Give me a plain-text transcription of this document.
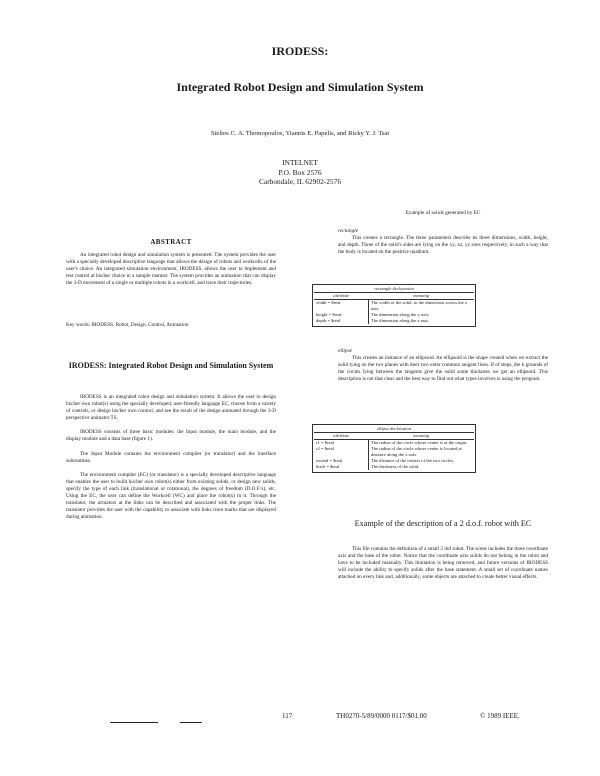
IRODESS:
Integrated Robot Design and Simulation System
Stelios C. A. Thomopoulos, Yiannis E. Papelis, and Ricky Y. J. Tsai
INTELNET
P.O. Box 2576
Carbondale, IL 62902-2576
ABSTRACT

An integrated robot design and simulation system is presented. The system provides the user with a specially developed descriptive language that allows the design of robots and workcells of the user's choice. An integrated simulation environment, IRODESS, allows the user to implement and test control at his/her choice in a sample manner. The system provides an animation that can display the 3-D movement of a single or multiple robots in a workcell, and trace their trajectories.

Key words: IRODESS, Robot, Design, Control, Animation
IRODESS: Integrated Robot Design and Simulation System

IRODESS is an integrated robot design and simulation system. It allows the user to design his/her own robot(s) using the specially developed, user-friendly language EC, choose from a variety of controls, or design his/her own control, and see the result of the design animated through the 3-D perspective animator TS.

IRODESS consists of three basic modules: the Input module, the main module, and the display module and a data base (figure 1).

The Input Module contains the environment compiler (or translator) and the interface subroutines.

The environment compiler (EC) (or translator) is a specially developed descriptive language that enables the user to build his/her own robot(s) either from existing solids, or design new solids, specify the type of each link (translational or rotational), the degrees of freedom (D.O.F.'s), etc. Using the EC, the user can define the Workcell (WC) and place the robot(s) in it. Through the translator, the actuators at the links can be described and associated with the proper links. The translator provides the user with the capability to associate with links trace marks that are displayed during animation.

Example of solids generated by EC
rectangle

This creates a rectangle. The three parameters describe its three dimensions, width, height, and depth. Three of the solid's sides are lying on the xy, xz, yz axes respectively, in such a way that the body is located on the positive quadrant.

rectangle declaration	
attribute	meaning
width = $real	The width of the solid, in the dimension across the x axis.
height = $real	The dimension along the y axis.
depth = $real	The dimension along the z axis.
ellipse

This creates an instance of an ellipsoid. An ellipsoid is the shape created when we extract the solid lying on the two planes with their two outer common tangent lines. If of steps, the k grounds of the circles lying between the tangents give the solid some thickness we get an ellipsoid. This description is not that clear and the best way to find out what types involves is using the program.

ellipse declaration	
attribute	meaning
r1 = $real	The radius of the circle whose center is at the origin.
r2 = $real	The radius of the circle whose center is located at distance along the x axis.
extend = $real	The distance of the centers of the two circles.
thick = $real	The thickness of the solid.
Example of the description of a 2 d.o.f. robot with EC

This file contains the definition of a small 2 dof robot. The scene includes the three coordinate axis and the base of the robot. Notice that the coordinate axis solids do not belong in the robot and have to be included manually. This limitation is being removed, and future versions of IRODESS will include the ability to specify solids after the base statement. A small set of coordinate names attached on every link and, additionally, some objects are attached to create better visual effects.

117	TH0270-5/89/0000 0117/$01.00	© 1989 IEEE.
